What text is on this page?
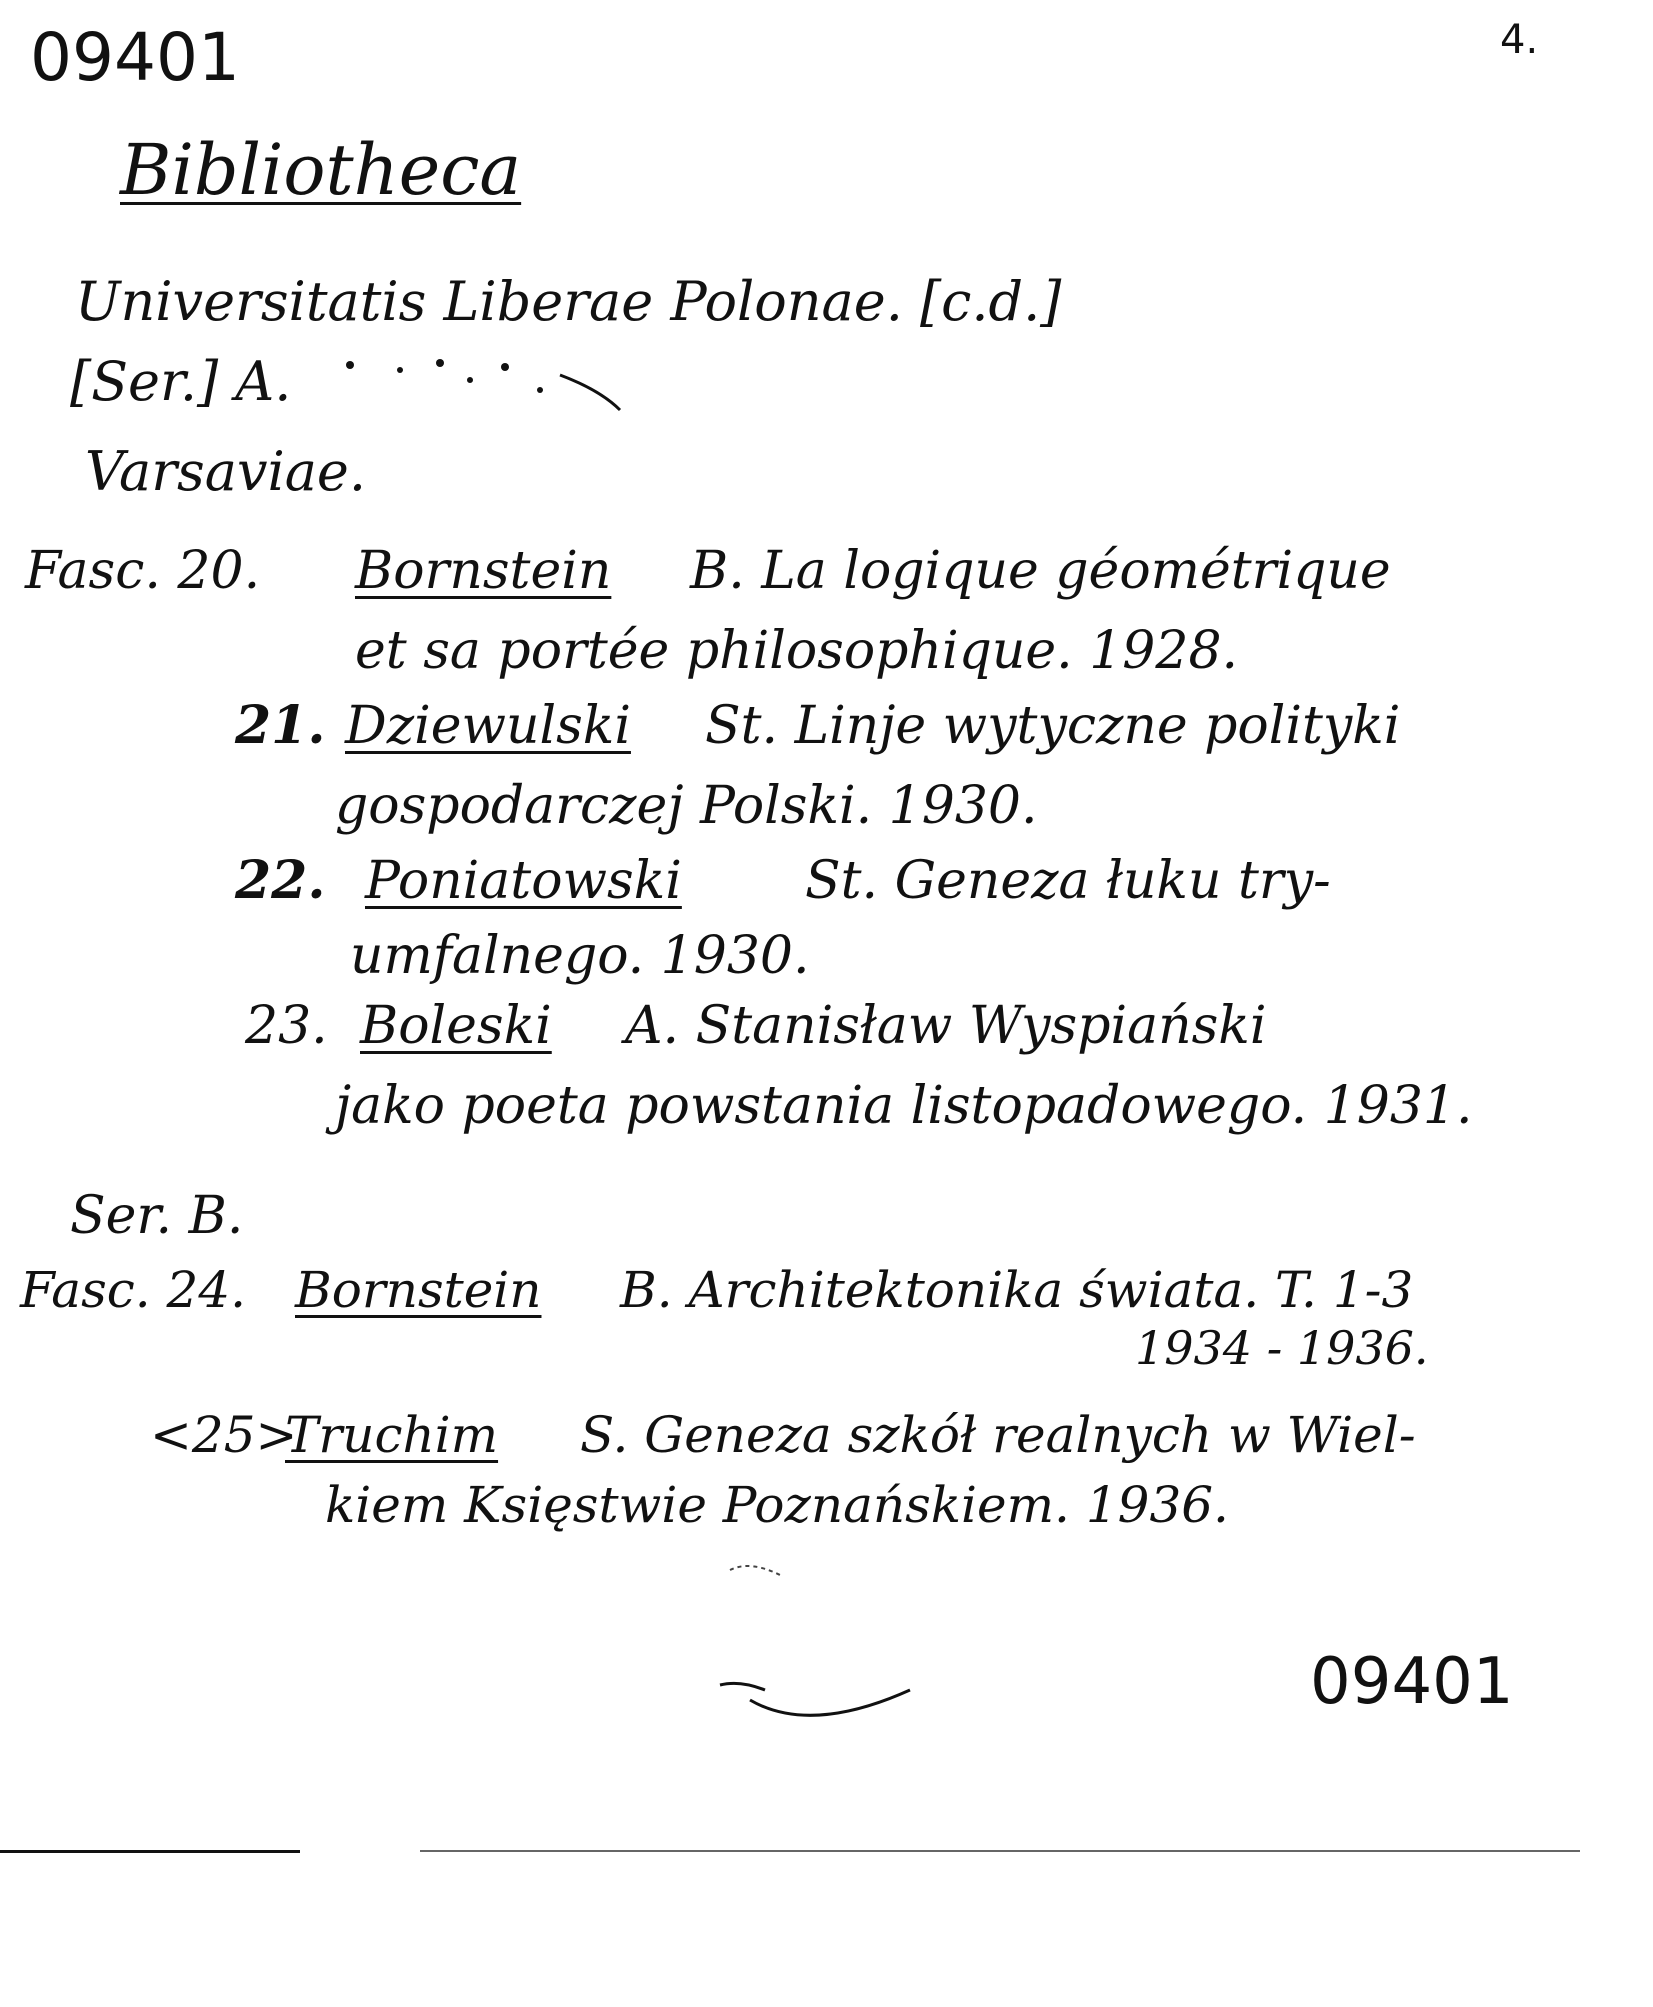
09401	4.
Bibliotheca
Universitatis Liberae Polonae. [c.d.]
[Ser.] A.
Varsaviae.
Fasc. 20. Bornstein B. La logique géométrique
et sa portée philosophique. 1928.
21. Dziewulski St. Linje wytyczne polityki
gospodarczej Polski. 1930.
22. Poniatowski St. Geneza łuku try-
umfalnego. 1930.
23. Boleski A. Stanisław Wyspiański
jako poeta powstania listopadowego. 1931.
Ser. B.
Fasc. 24. Bornstein B. Architektonika świata. T. 1-3
1934 - 1936.
<25>
Truchim S. Geneza szkół realnych w Wiel-
kiem Księstwie Poznańskiem. 1936.
09401
